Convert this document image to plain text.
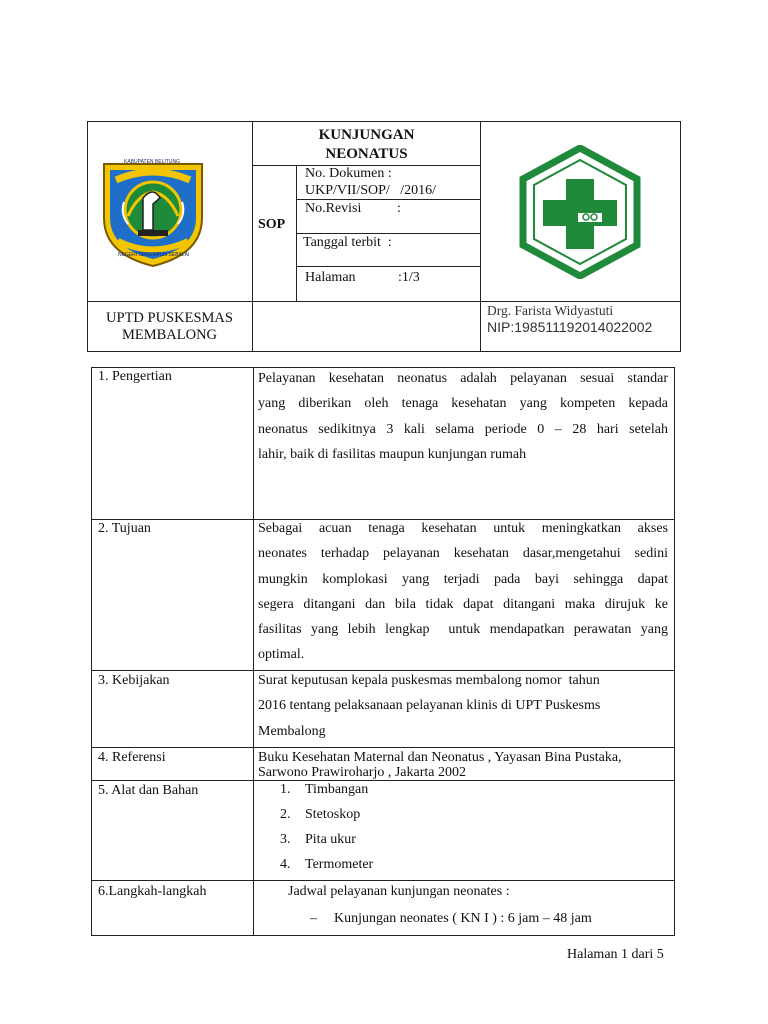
KABUPATEN BELITUNG
NEGERI SERUMPUN SEBALAI
KUNJUNGAN
NEONATUS
SOP
No. Dokumen :
UKP/VII/SOP/   /2016/
No.Revisi	:
Tanggal terbit  :
Halaman	:1/3
UPTD PUSKESMAS
MEMBALONG
Drg. Farista Widyastuti
NIP:198511192014022002
1. Pengertian	Pelayanan kesehatan neonatus adalah pelayanan sesuai standar
yang diberikan oleh tenaga kesehatan yang kompeten kepada
neonatus sedikitnya 3 kali selama periode 0 – 28 hari setelah
lahir, baik di fasilitas maupun kunjungan rumah
2. Tujuan	Sebagai acuan tenaga kesehatan untuk meningkatkan akses
neonates terhadap pelayanan kesehatan dasar,mengetahui sedini
mungkin komplokasi yang terjadi pada bayi sehingga dapat
segera ditangani dan bila tidak dapat ditangani maka dirujuk ke
fasilitas yang lebih lengkap  untuk mendapatkan perawatan yang
optimal.
3. Kebijakan	Surat keputusan kepala puskesmas membalong nomor  tahun
2016 tentang pelaksanaan pelayanan klinis di UPT Puskesms
Membalong
4. Referensi	Buku Kesehatan Maternal dan Neonatus , Yayasan Bina Pustaka,
Sarwono Prawiroharjo , Jakarta 2002
5. Alat dan Bahan	1. Timbangan
2. Stetoskop
3. Pita ukur
4. Termometer
6.Langkah-langkah	Jadwal pelayanan kunjungan neonates :
– Kunjungan neonates ( KN I ) : 6 jam – 48 jam
Halaman 1 dari 5
